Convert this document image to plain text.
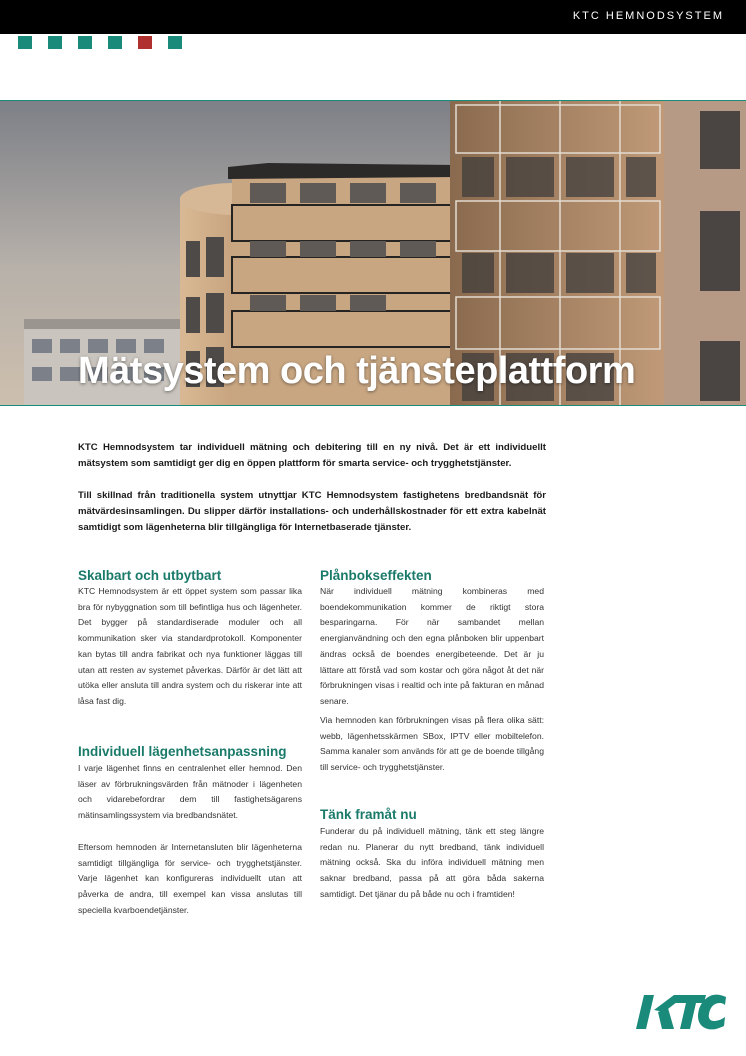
KTC HEMNODSYSTEM
Mätsystem och tjänsteplattform

KTC Hemnodsystem tar individuell mätning och debitering till en ny nivå. Det är ett individuellt mätsystem som samtidigt ger dig en öppen plattform för smarta service- och trygghetstjänster.

Till skillnad från traditionella system utnyttjar KTC Hemnodsystem fastighetens bredbandsnät för mätvärdesinsamlingen. Du slipper därför installations- och underhållskostnader för ett extra kabelnät samtidigt som lägenheterna blir tillgängliga för Internetbaserade tjänster.

Skalbart och utbytbart

KTC Hemnodsystem är ett öppet system som passar lika bra för nybyggnation som till befintliga hus och lägenheter. Det bygger på standardiserade moduler och all kommunikation sker via standardprotokoll. Komponenter kan bytas till andra fabrikat och nya funktioner läggas till utan att resten av systemet påverkas. Därför är det lätt att utöka eller ansluta till andra system och du riskerar inte att låsa fast dig.

Individuell lägenhetsanpassning

I varje lägenhet finns en centralenhet eller hemnod. Den läser av förbrukningsvärden från mätnoder i lägenheten och vidarebefordrar dem till fastighetsägarens mätinsamlingssystem via bredbandsnätet.

Eftersom hemnoden är Internetansluten blir lägenheterna samtidigt tillgängliga för service- och trygghetstjänster. Varje lägenhet kan konfigureras individuellt utan att påverka de andra, till exempel kan vissa anslutas till speciella kvarboendetjänster.

Plånbokseffekten

När individuell mätning kombineras med boendekommunikation kommer de riktigt stora besparingarna. För när sambandet mellan energianvändning och den egna plånboken blir uppenbart ändras också de boendes energibeteende. Det är ju lättare att förstå vad som kostar och göra något åt det när förbrukningen visas i realtid och inte på fakturan en månad senare.

Via hemnoden kan förbrukningen visas på flera olika sätt: webb, lägenhetsskärmen SBox, IPTV eller mobiltelefon. Samma kanaler som används för att ge de boende tillgång till service- och trygghetstjänster.

Tänk framåt nu

Funderar du på individuell mätning, tänk ett steg längre redan nu. Planerar du nytt bredband, tänk individuell mätning också. Ska du införa individuell mätning men saknar bredband, passa på att göra båda sakerna samtidigt. Det tjänar du på både nu och i framtiden!
